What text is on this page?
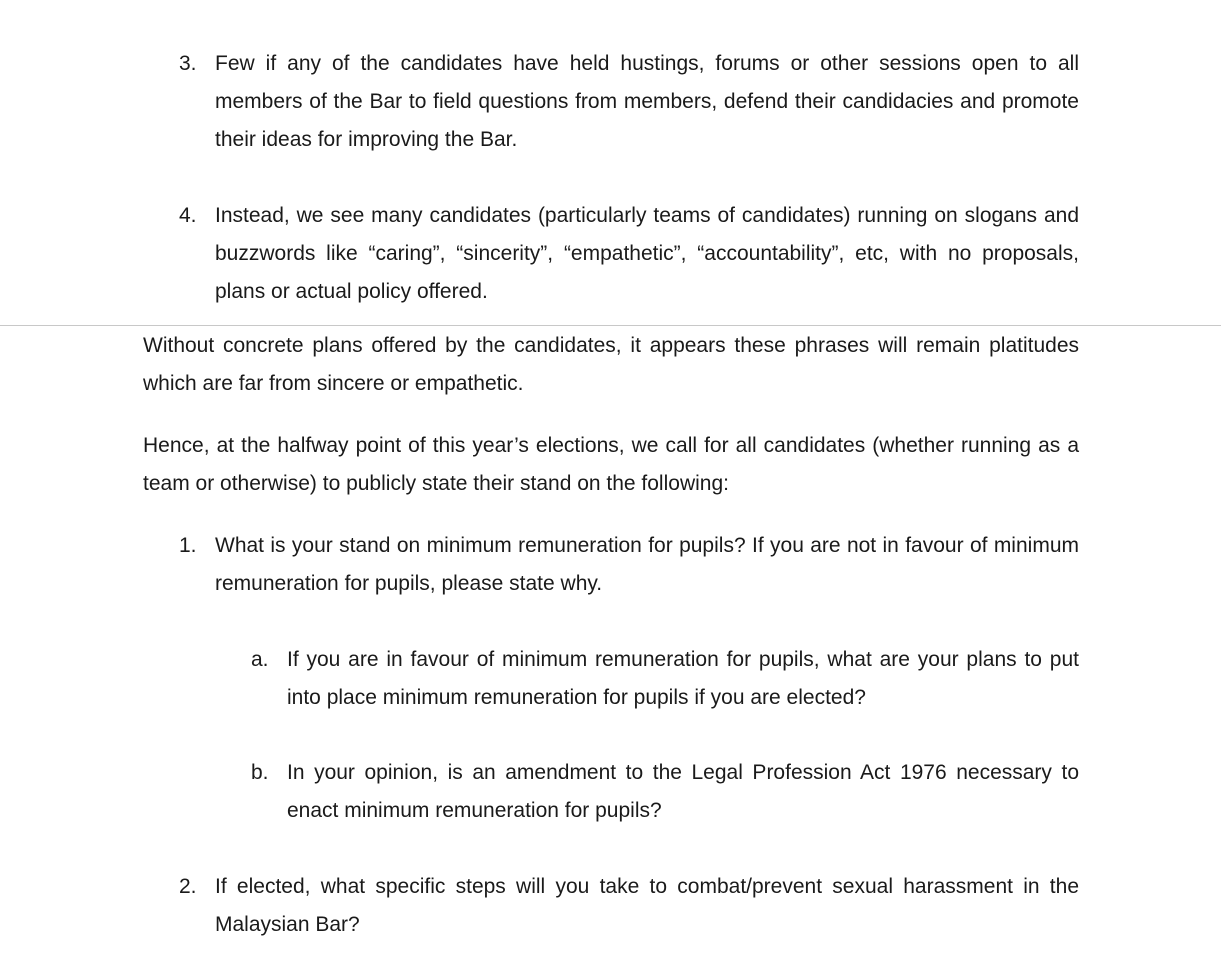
3. Few if any of the candidates have held hustings, forums or other sessions open to all members of the Bar to field questions from members, defend their candidacies and promote their ideas for improving the Bar.
4. Instead, we see many candidates (particularly teams of candidates) running on slogans and buzzwords like “caring”, “sincerity”, “empathetic”, “accountability”, etc, with no proposals, plans or actual policy offered.
Without concrete plans offered by the candidates, it appears these phrases will remain platitudes which are far from sincere or empathetic.
Hence, at the halfway point of this year’s elections, we call for all candidates (whether running as a team or otherwise) to publicly state their stand on the following:
1. What is your stand on minimum remuneration for pupils? If you are not in favour of minimum remuneration for pupils, please state why.
a. If you are in favour of minimum remuneration for pupils, what are your plans to put into place minimum remuneration for pupils if you are elected?
b. In your opinion, is an amendment to the Legal Profession Act 1976 necessary to enact minimum remuneration for pupils?
2. If elected, what specific steps will you take to combat/prevent sexual harassment in the Malaysian Bar?
